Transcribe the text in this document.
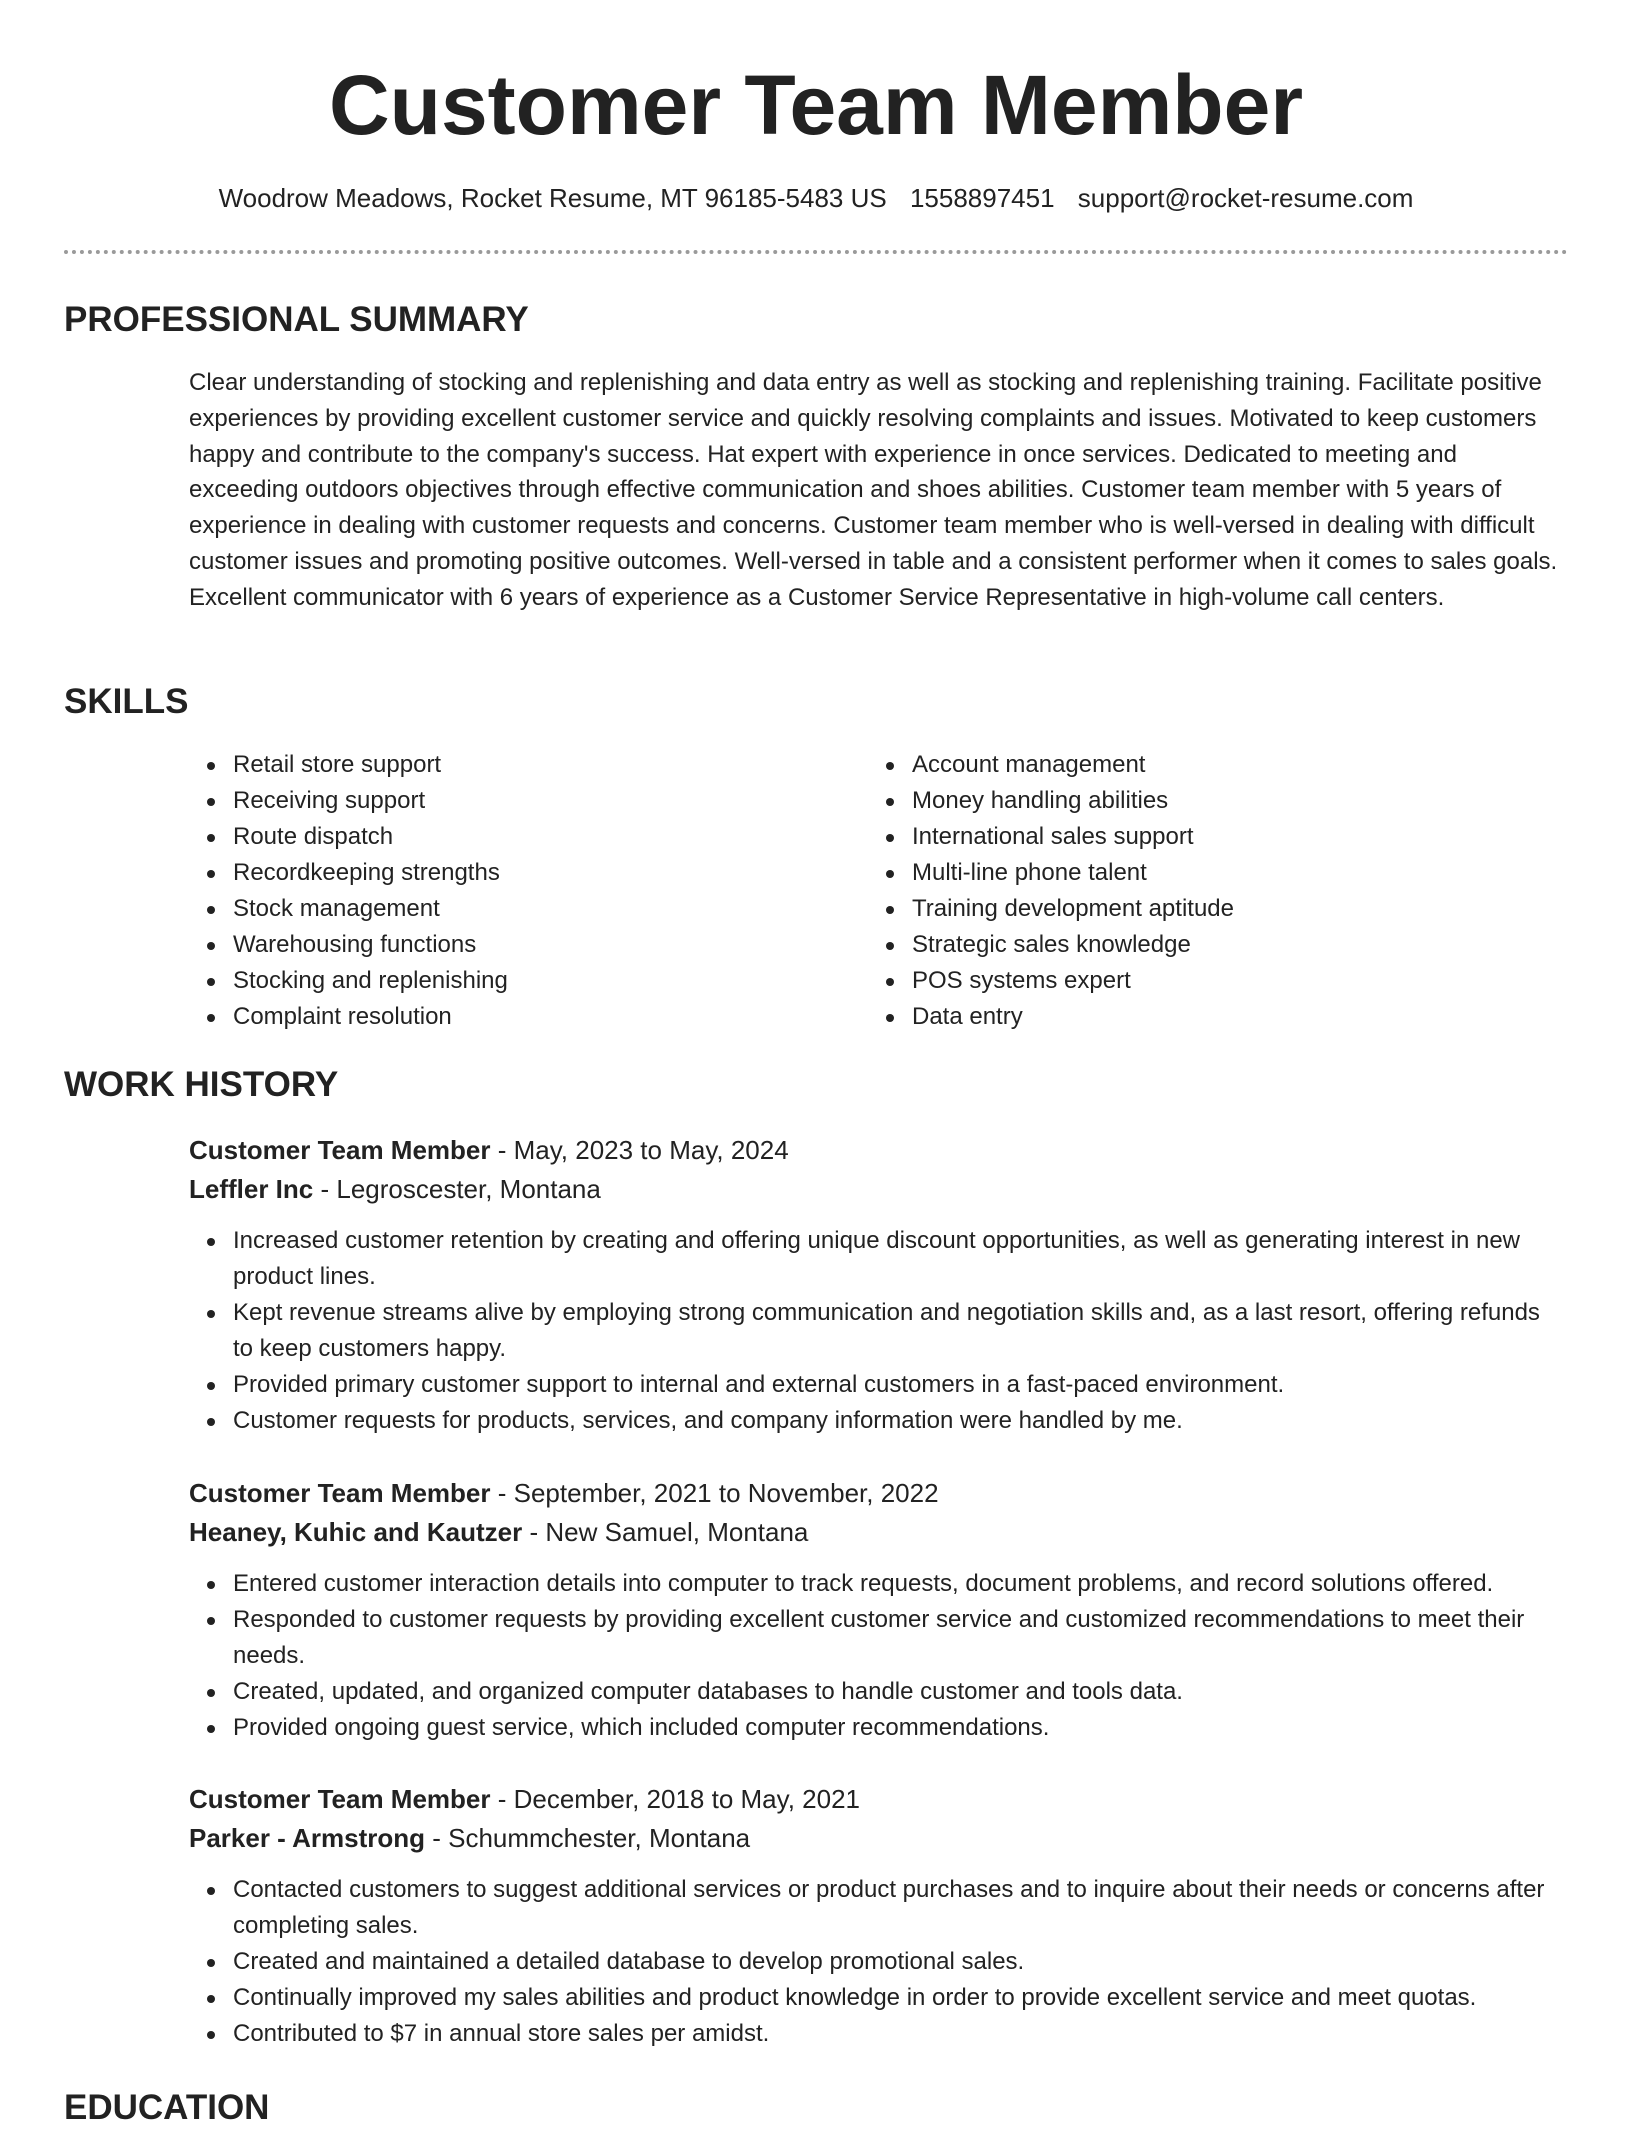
Customer Team Member
Woodrow Meadows, Rocket Resume, MT 96185-5483 US 1558897451 support@rocket-resume.com
PROFESSIONAL SUMMARY

Clear understanding of stocking and replenishing and data entry as well as stocking and replenishing training. Facilitate positive experiences by providing excellent customer service and quickly resolving complaints and issues. Motivated to keep customers happy and contribute to the company's success. Hat expert with experience in once services. Dedicated to meeting and exceeding outdoors objectives through effective communication and shoes abilities. Customer team member with 5 years of experience in dealing with customer requests and concerns. Customer team member who is well-versed in dealing with difficult customer issues and promoting positive outcomes. Well-versed in table and a consistent performer when it comes to sales goals. Excellent communicator with 6 years of experience as a Customer Service Representative in high-volume call centers.

SKILLS
Retail store support
Receiving support
Route dispatch
Recordkeeping strengths
Stock management
Warehousing functions
Stocking and replenishing
Complaint resolution
Account management
Money handling abilities
International sales support
Multi-line phone talent
Training development aptitude
Strategic sales knowledge
POS systems expert
Data entry
WORK HISTORY

Customer Team Member - May, 2023 to May, 2024

Leffler Inc - Legroscester, Montana

Increased customer retention by creating and offering unique discount opportunities, as well as generating interest in new product lines.
Kept revenue streams alive by employing strong communication and negotiation skills and, as a last resort, offering refunds to keep customers happy.
Provided primary customer support to internal and external customers in a fast-paced environment.
Customer requests for products, services, and company information were handled by me.

Customer Team Member - September, 2021 to November, 2022

Heaney, Kuhic and Kautzer - New Samuel, Montana

Entered customer interaction details into computer to track requests, document problems, and record solutions offered.
Responded to customer requests by providing excellent customer service and customized recommendations to meet their needs.
Created, updated, and organized computer databases to handle customer and tools data.
Provided ongoing guest service, which included computer recommendations.

Customer Team Member - December, 2018 to May, 2021

Parker - Armstrong - Schummchester, Montana

Contacted customers to suggest additional services or product purchases and to inquire about their needs or concerns after completing sales.
Created and maintained a detailed database to develop promotional sales.
Continually improved my sales abilities and product knowledge in order to provide excellent service and meet quotas.
Contributed to $7 in annual store sales per amidst.
EDUCATION
